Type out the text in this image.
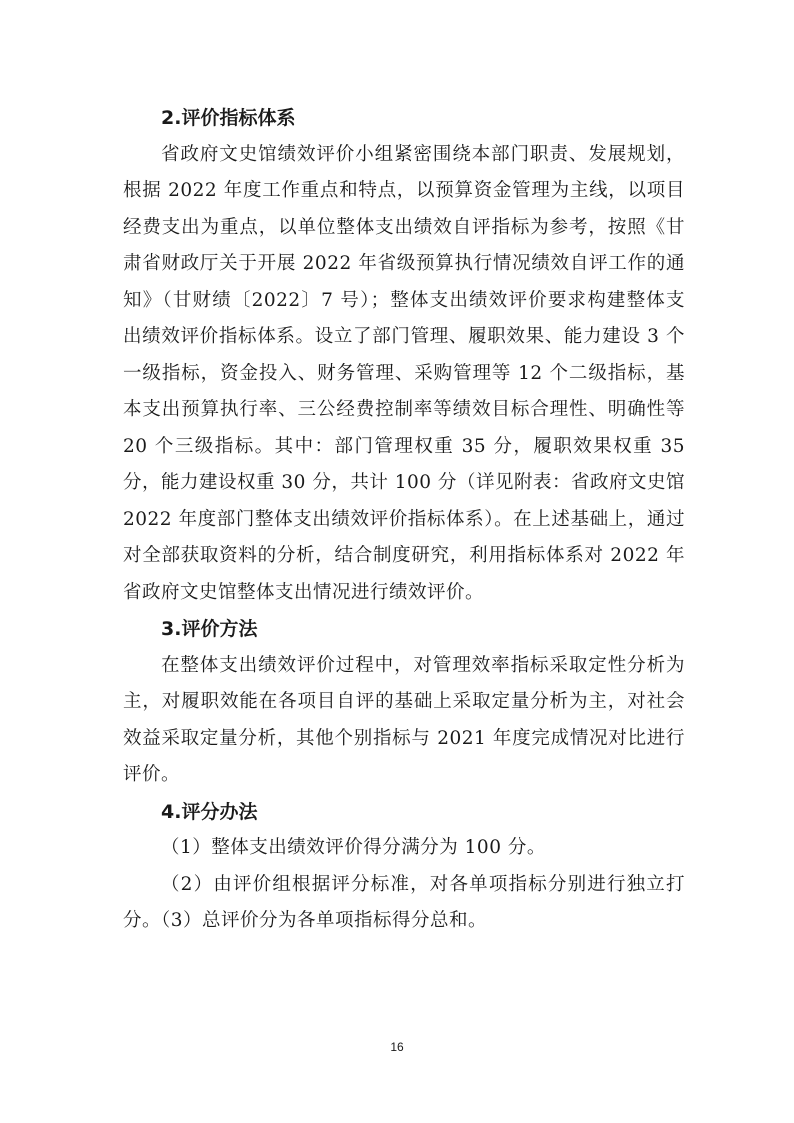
2.评价指标体系

省政府文史馆绩效评价小组紧密围绕本部门职责、发展规划，根据 2022 年度工作重点和特点，以预算资金管理为主线，以项目经费支出为重点，以单位整体支出绩效自评指标为参考，按照《甘肃省财政厅关于开展 2022 年省级预算执行情况绩效自评工作的通知》（甘财绩〔2022〕7 号）；整体支出绩效评价要求构建整体支出绩效评价指标体系。设立了部门管理、履职效果、能力建设 3 个一级指标，资金投入、财务管理、采购管理等 12 个二级指标，基本支出预算执行率、三公经费控制率等绩效目标合理性、明确性等 20 个三级指标。其中：部门管理权重 35 分，履职效果权重 35 分，能力建设权重 30 分，共计 100 分（详见附表：省政府文史馆 2022 年度部门整体支出绩效评价指标体系）。在上述基础上，通过对全部获取资料的分析，结合制度研究，利用指标体系对 2022 年省政府文史馆整体支出情况进行绩效评价。

3.评价方法

在整体支出绩效评价过程中，对管理效率指标采取定性分析为主，对履职效能在各项目自评的基础上采取定量分析为主，对社会效益采取定量分析，其他个别指标与 2021 年度完成情况对比进行评价。

4.评分办法

（1）整体支出绩效评价得分满分为 100 分。

（2）由评价组根据评分标准，对各单项指标分别进行独立打分。（3）总评价分为各单项指标得分总和。

16
